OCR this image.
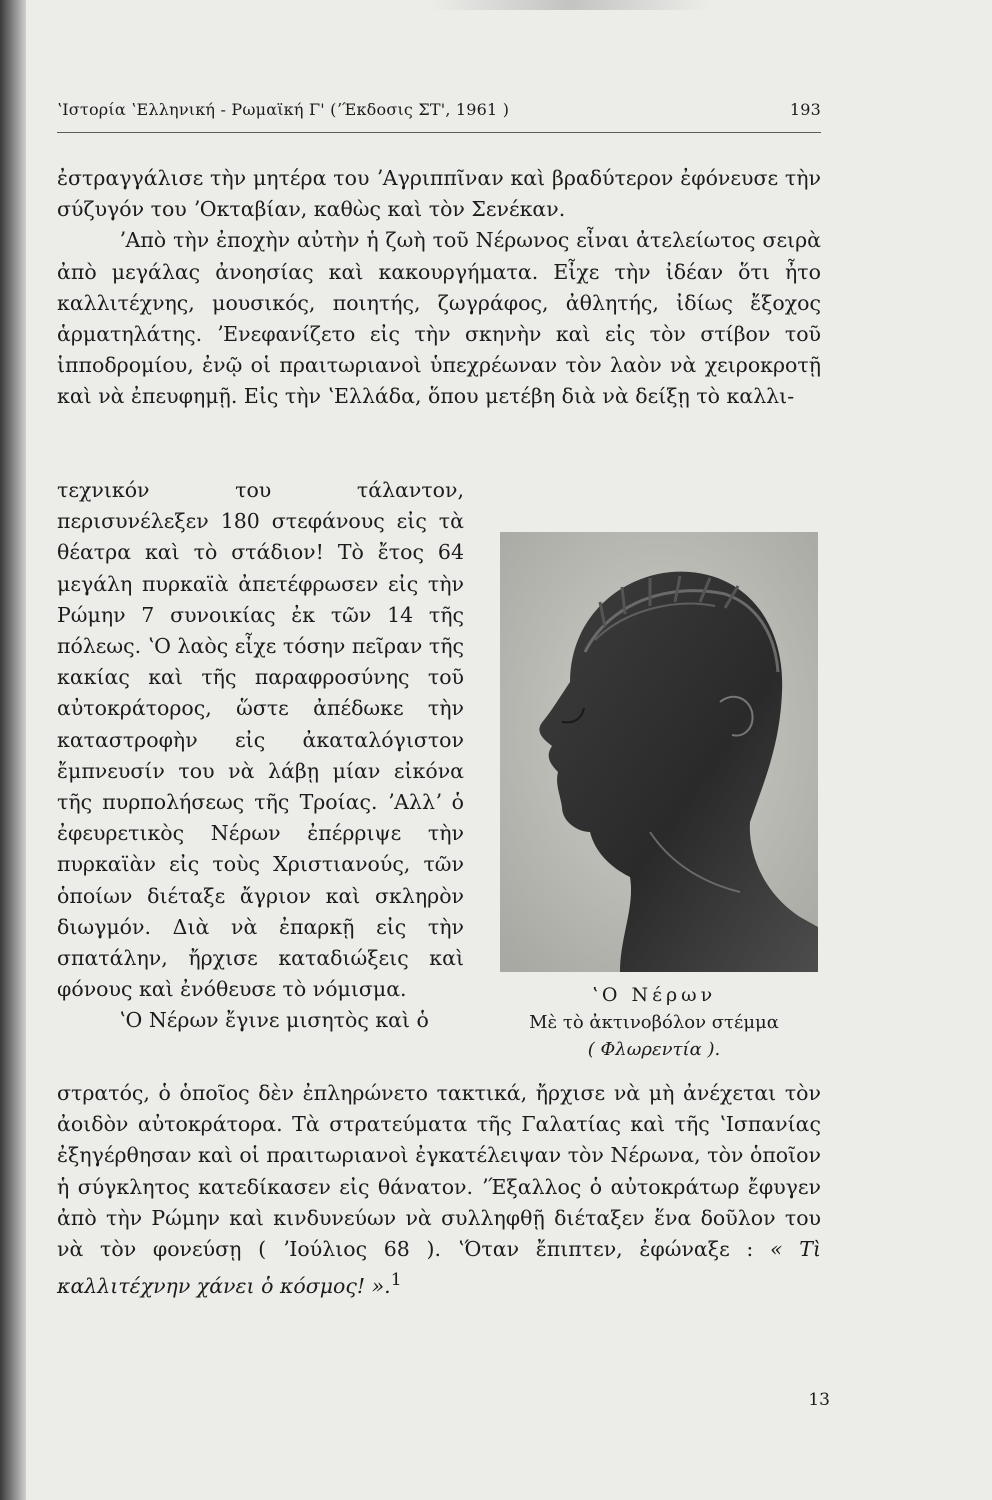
ʽΙστορία ʽΕλληνική - Ρωμαϊκή Γ' (ʼΈκδοσις ΣΤ', 1961 )	193

ἐστραγγάλισε τὴν μητέρα του ʼΑγριππῖναν καὶ βραδύτερον ἐφόνευσε τὴν σύζυγόν του ʼΟκταβίαν, καθὼς καὶ τὸν Σενέκαν.

ʼΑπὸ τὴν ἐποχὴν αὐτὴν ἡ ζωὴ τοῦ Νέρωνος εἶναι ἀτελείωτος σειρὰ ἀπὸ μεγάλας ἀνοησίας καὶ κακουργήματα. Εἶχε τὴν ἰδέαν ὅτι ἦτο καλλιτέχνης, μουσικός, ποιητής, ζωγράφος, ἀθλητής, ἰδίως ἔξοχος ἁρματηλάτης. ʼΕνεφανίζετο εἰς τὴν σκηνὴν καὶ εἰς τὸν στίβον τοῦ ἱπποδρομίου, ἐνῷ οἱ πραιτωριανοὶ ὑπεχρέωναν τὸν λαὸν νὰ χειροκροτῇ καὶ νὰ ἐπευφημῇ. Εἰς τὴν ʽΕλλάδα, ὅπου μετέβη διὰ νὰ δείξῃ τὸ καλλι-

τεχνικόν του τάλαντον, περισυνέλεξεν 180 στεφάνους εἰς τὰ θέατρα καὶ τὸ στάδιον! Τὸ ἔτος 64 μεγάλη πυρκαϊὰ ἀπετέφρωσεν εἰς τὴν Ρώμην 7 συνοικίας ἐκ τῶν 14 τῆς πόλεως. ʽΟ λαὸς εἶχε τόσην πεῖραν τῆς κακίας καὶ τῆς παραφροσύνης τοῦ αὐτοκράτορος, ὥστε ἀπέδωκε τὴν καταστροφὴν εἰς ἀκαταλόγιστον ἔμπνευσίν του νὰ λάβῃ μίαν εἰκόνα τῆς πυρπολήσεως τῆς Τροίας. ʼΑλλʼ ὁ ἐφευρετικὸς Νέρων ἐπέρριψε τὴν πυρκαϊὰν εἰς τοὺς Χριστιανούς, τῶν ὁποίων διέταξε ἄγριον καὶ σκληρὸν διωγμόν. Διὰ νὰ ἐπαρκῇ εἰς τὴν σπατάλην, ἤρχισε καταδιώξεις καὶ φόνους καὶ ἐνόθευσε τὸ νόμισμα.

ʽΟ Νέρων ἔγινε μισητὸς καὶ ὁ

ʽΟ Νέρων
Μὲ τὸ ἀκτινοβόλον στέμμα
( Φλωρεντία ).

στρατός, ὁ ὁποῖος δὲν ἐπληρώνετο τακτικά, ἤρχισε νὰ μὴ ἀνέχεται τὸν ἀοιδὸν αὐτοκράτορα. Τὰ στρατεύματα τῆς Γαλατίας καὶ τῆς ʽΙσπανίας ἐξηγέρθησαν καὶ οἱ πραιτωριανοὶ ἐγκατέλειψαν τὸν Νέρωνα, τὸν ὁποῖον ἡ σύγκλητος κατεδίκασεν εἰς θάνατον. ʼΈξαλλος ὁ αὐτοκράτωρ ἔφυγεν ἀπὸ τὴν Ρώμην καὶ κινδυνεύων νὰ συλληφθῇ διέταξεν ἕνα δοῦλον του νὰ τὸν φονεύσῃ ( ʼΙούλιος 68 ). ʽΌταν ἔπιπτεν, ἐφώναξε : « Τὶ καλλιτέχνην χάνει ὁ κόσμος! ».$^1$

13
